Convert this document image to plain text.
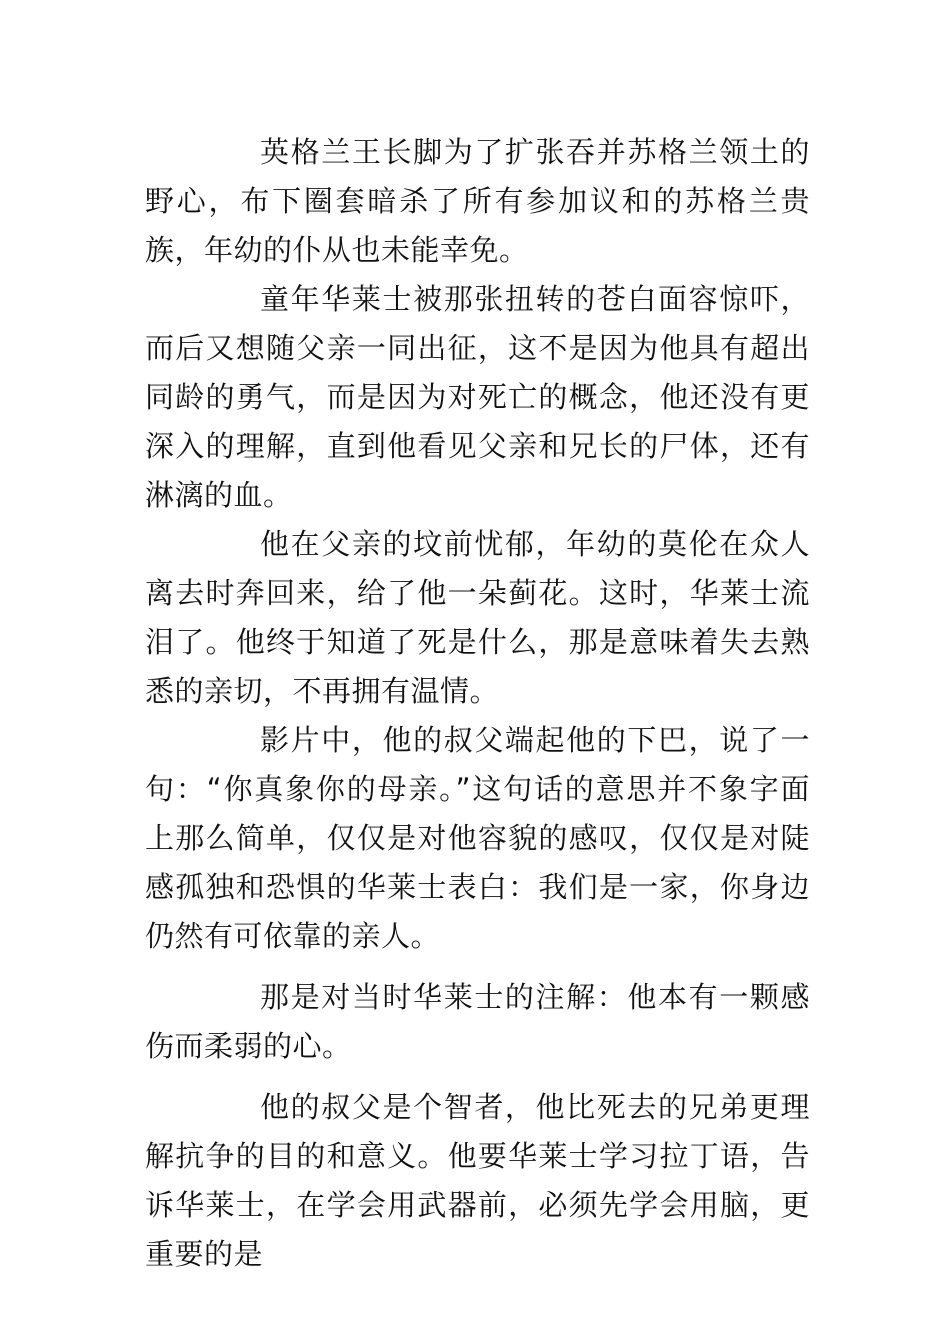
英格兰王长脚为了扩张吞并苏格兰领土的野心，布下圈套暗杀了所有参加议和的苏格兰贵族，年幼的仆从也未能幸免。

童年华莱士被那张扭转的苍白面容惊吓，而后又想随父亲一同出征，这不是因为他具有超出同龄的勇气，而是因为对死亡的概念，他还没有更深入的理解，直到他看见父亲和兄长的尸体，还有淋漓的血。

他在父亲的坟前忧郁，年幼的莫伦在众人离去时奔回来，给了他一朵蓟花。这时，华莱士流泪了。他终于知道了死是什么，那是意味着失去熟悉的亲切，不再拥有温情。

影片中，他的叔父端起他的下巴，说了一句：“你真象你的母亲。”这句话的意思并不象字面上那么简单，仅仅是对他容貌的感叹，仅仅是对陡感孤独和恐惧的华莱士表白：我们是一家，你身边仍然有可依靠的亲人。

那是对当时华莱士的注解：他本有一颗感伤而柔弱的心。

他的叔父是个智者，他比死去的兄弟更理解抗争的目的和意义。他要华莱士学习拉丁语，告诉华莱士，在学会用武器前，必须先学会用脑，更重要的是
